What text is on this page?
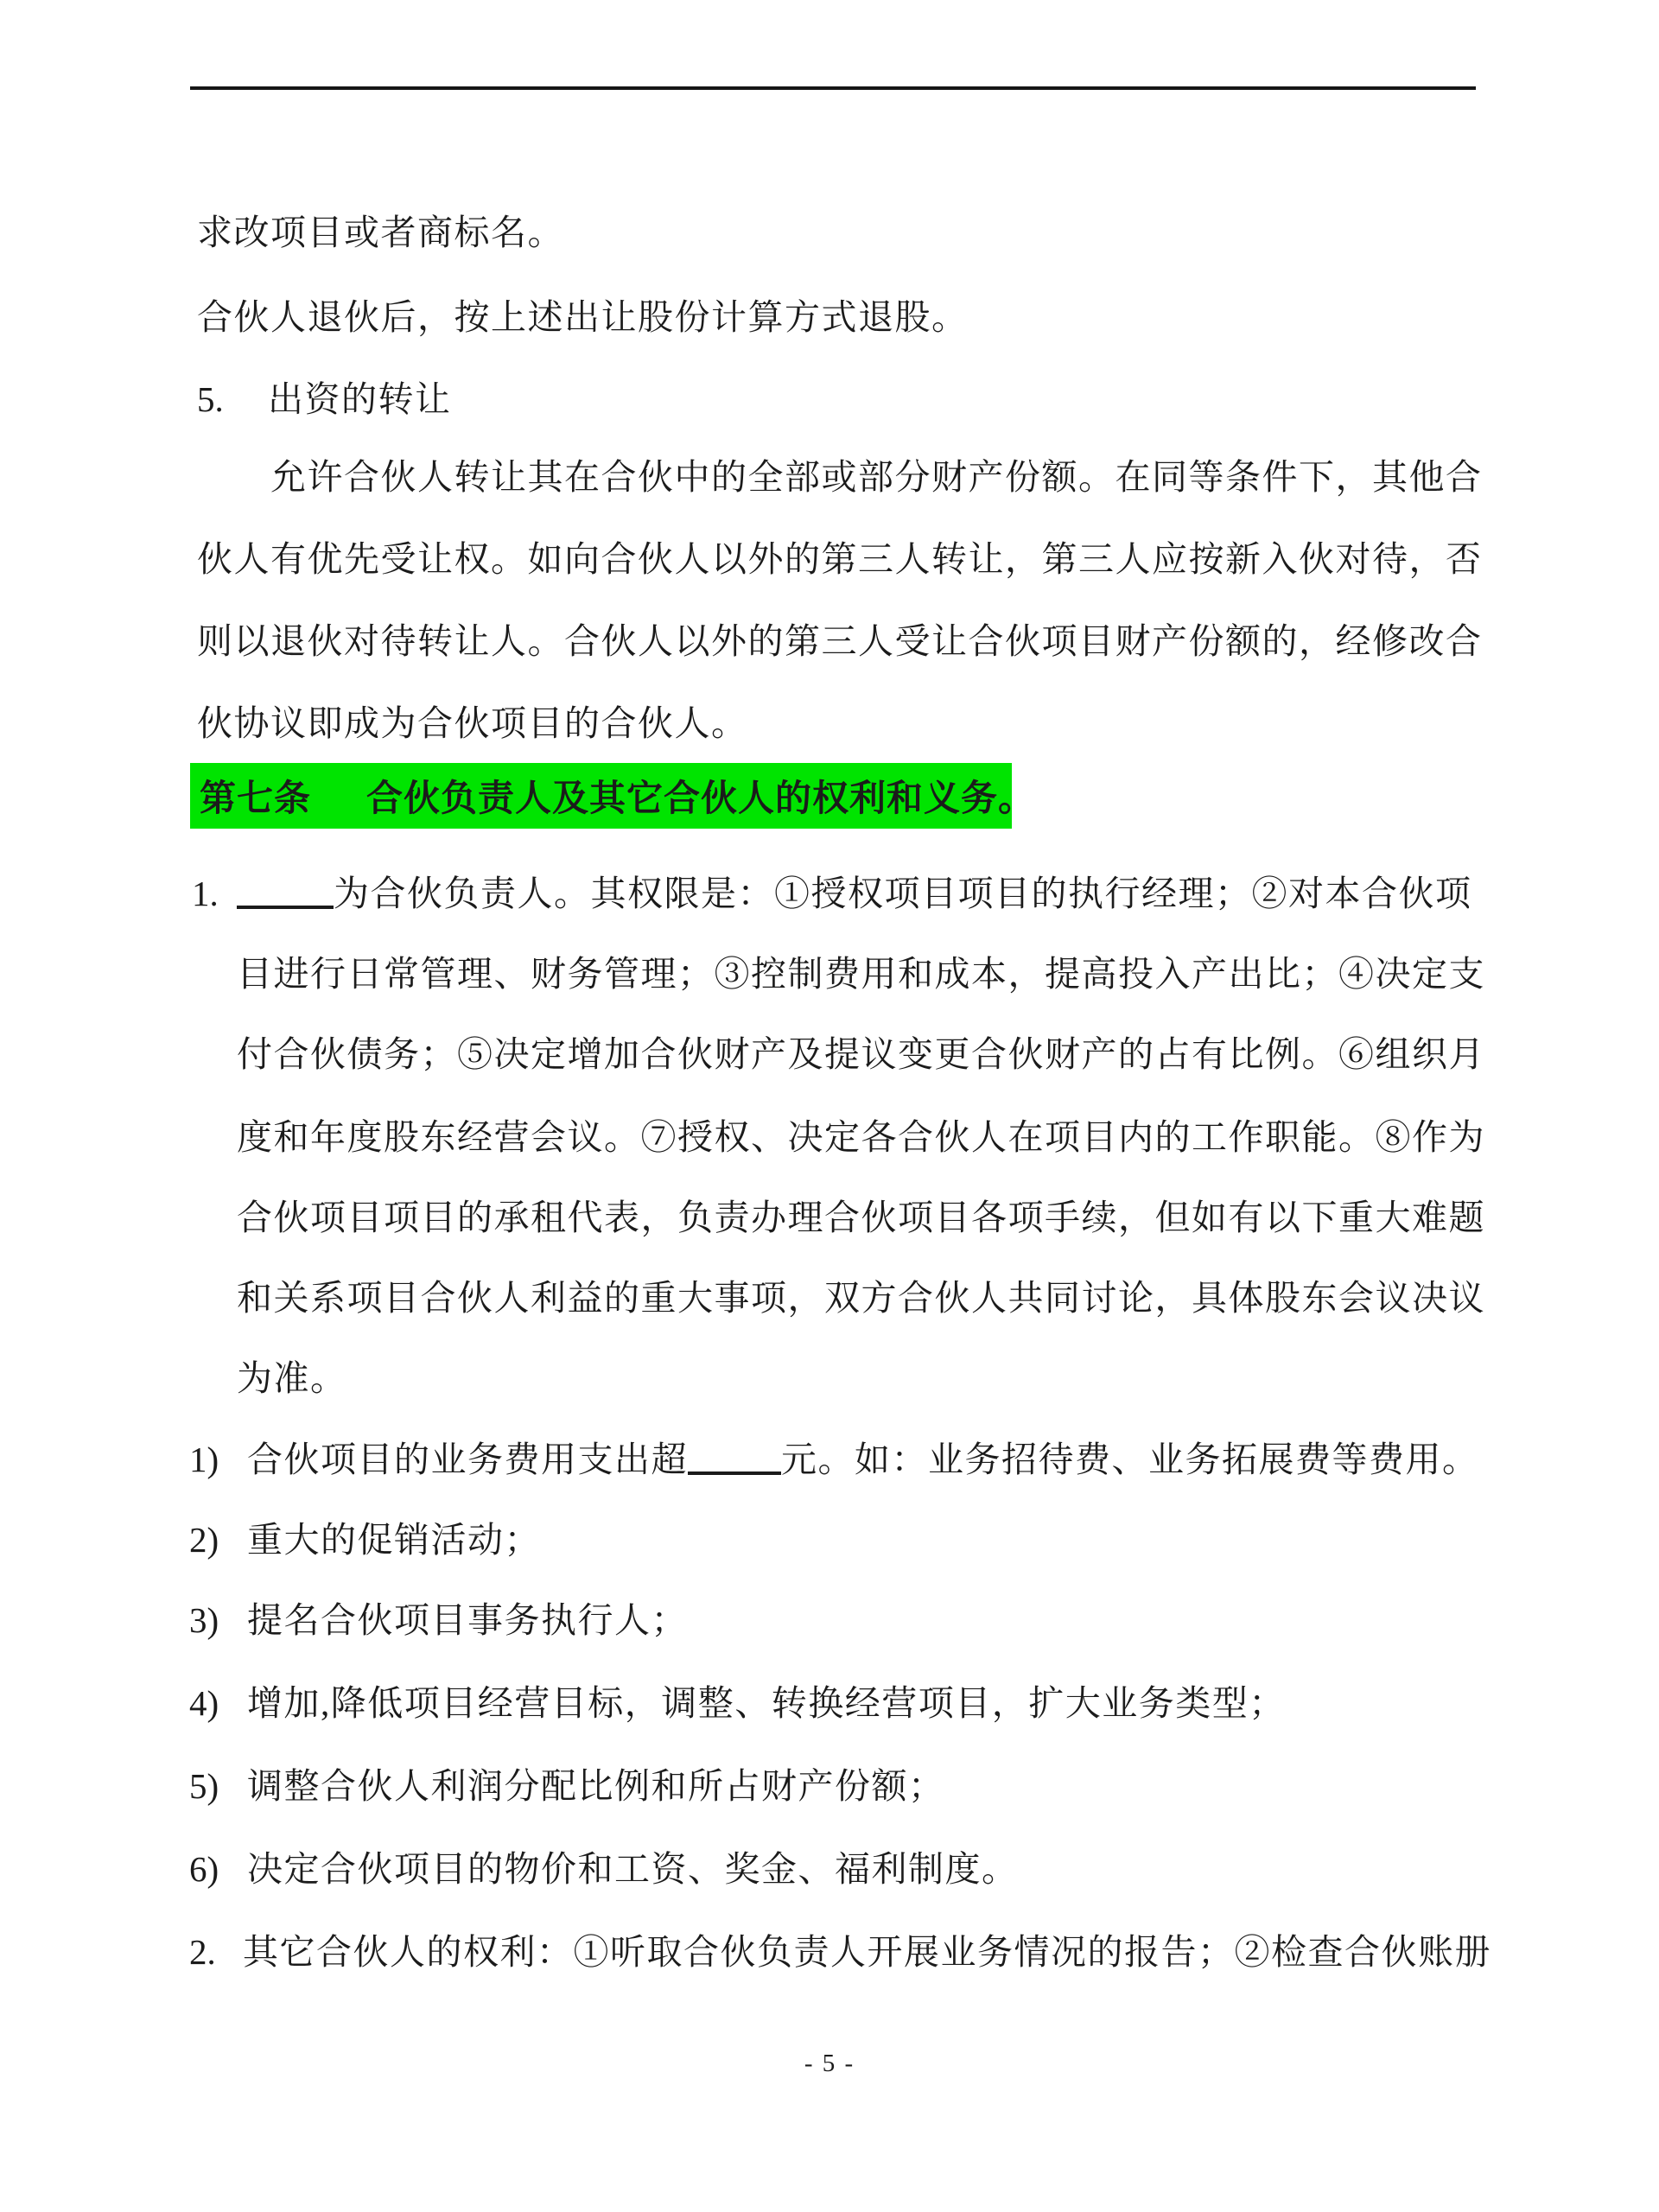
求改项目或者商标名。
合伙人退伙后，按上述出让股份计算方式退股。
5. 出资的转让
允许合伙人转让其在合伙中的全部或部分财产份额。在同等条件下，其他合
伙人有优先受让权。如向合伙人以外的第三人转让，第三人应按新入伙对待，否
则以退伙对待转让人。合伙人以外的第三人受让合伙项目财产份额的，经修改合
伙协议即成为合伙项目的合伙人。
第七条 合伙负责人及其它合伙人的权利和义务。
1.	为合伙负责人。其权限是：①授权项目项目的执行经理；②对本合伙项
目进行日常管理、财务管理；③控制费用和成本，提高投入产出比；④决定支
付合伙债务；⑤决定增加合伙财产及提议变更合伙财产的占有比例。⑥组织月
度和年度股东经营会议。⑦授权、决定各合伙人在项目内的工作职能。⑧作为
合伙项目项目的承租代表，负责办理合伙项目各项手续，但如有以下重大难题
和关系项目合伙人利益的重大事项，双方合伙人共同讨论，具体股东会议决议
为准。
1) 合伙项目的业务费用支出超	元。如：业务招待费、业务拓展费等费用。
2) 重大的促销活动；
3) 提名合伙项目事务执行人；
4) 增加,降低项目经营目标，调整、转换经营项目，扩大业务类型；
5) 调整合伙人利润分配比例和所占财产份额；
6) 决定合伙项目的物价和工资、奖金、福利制度。
2. 其它合伙人的权利：①听取合伙负责人开展业务情况的报告；②检查合伙账册
- 5 -
